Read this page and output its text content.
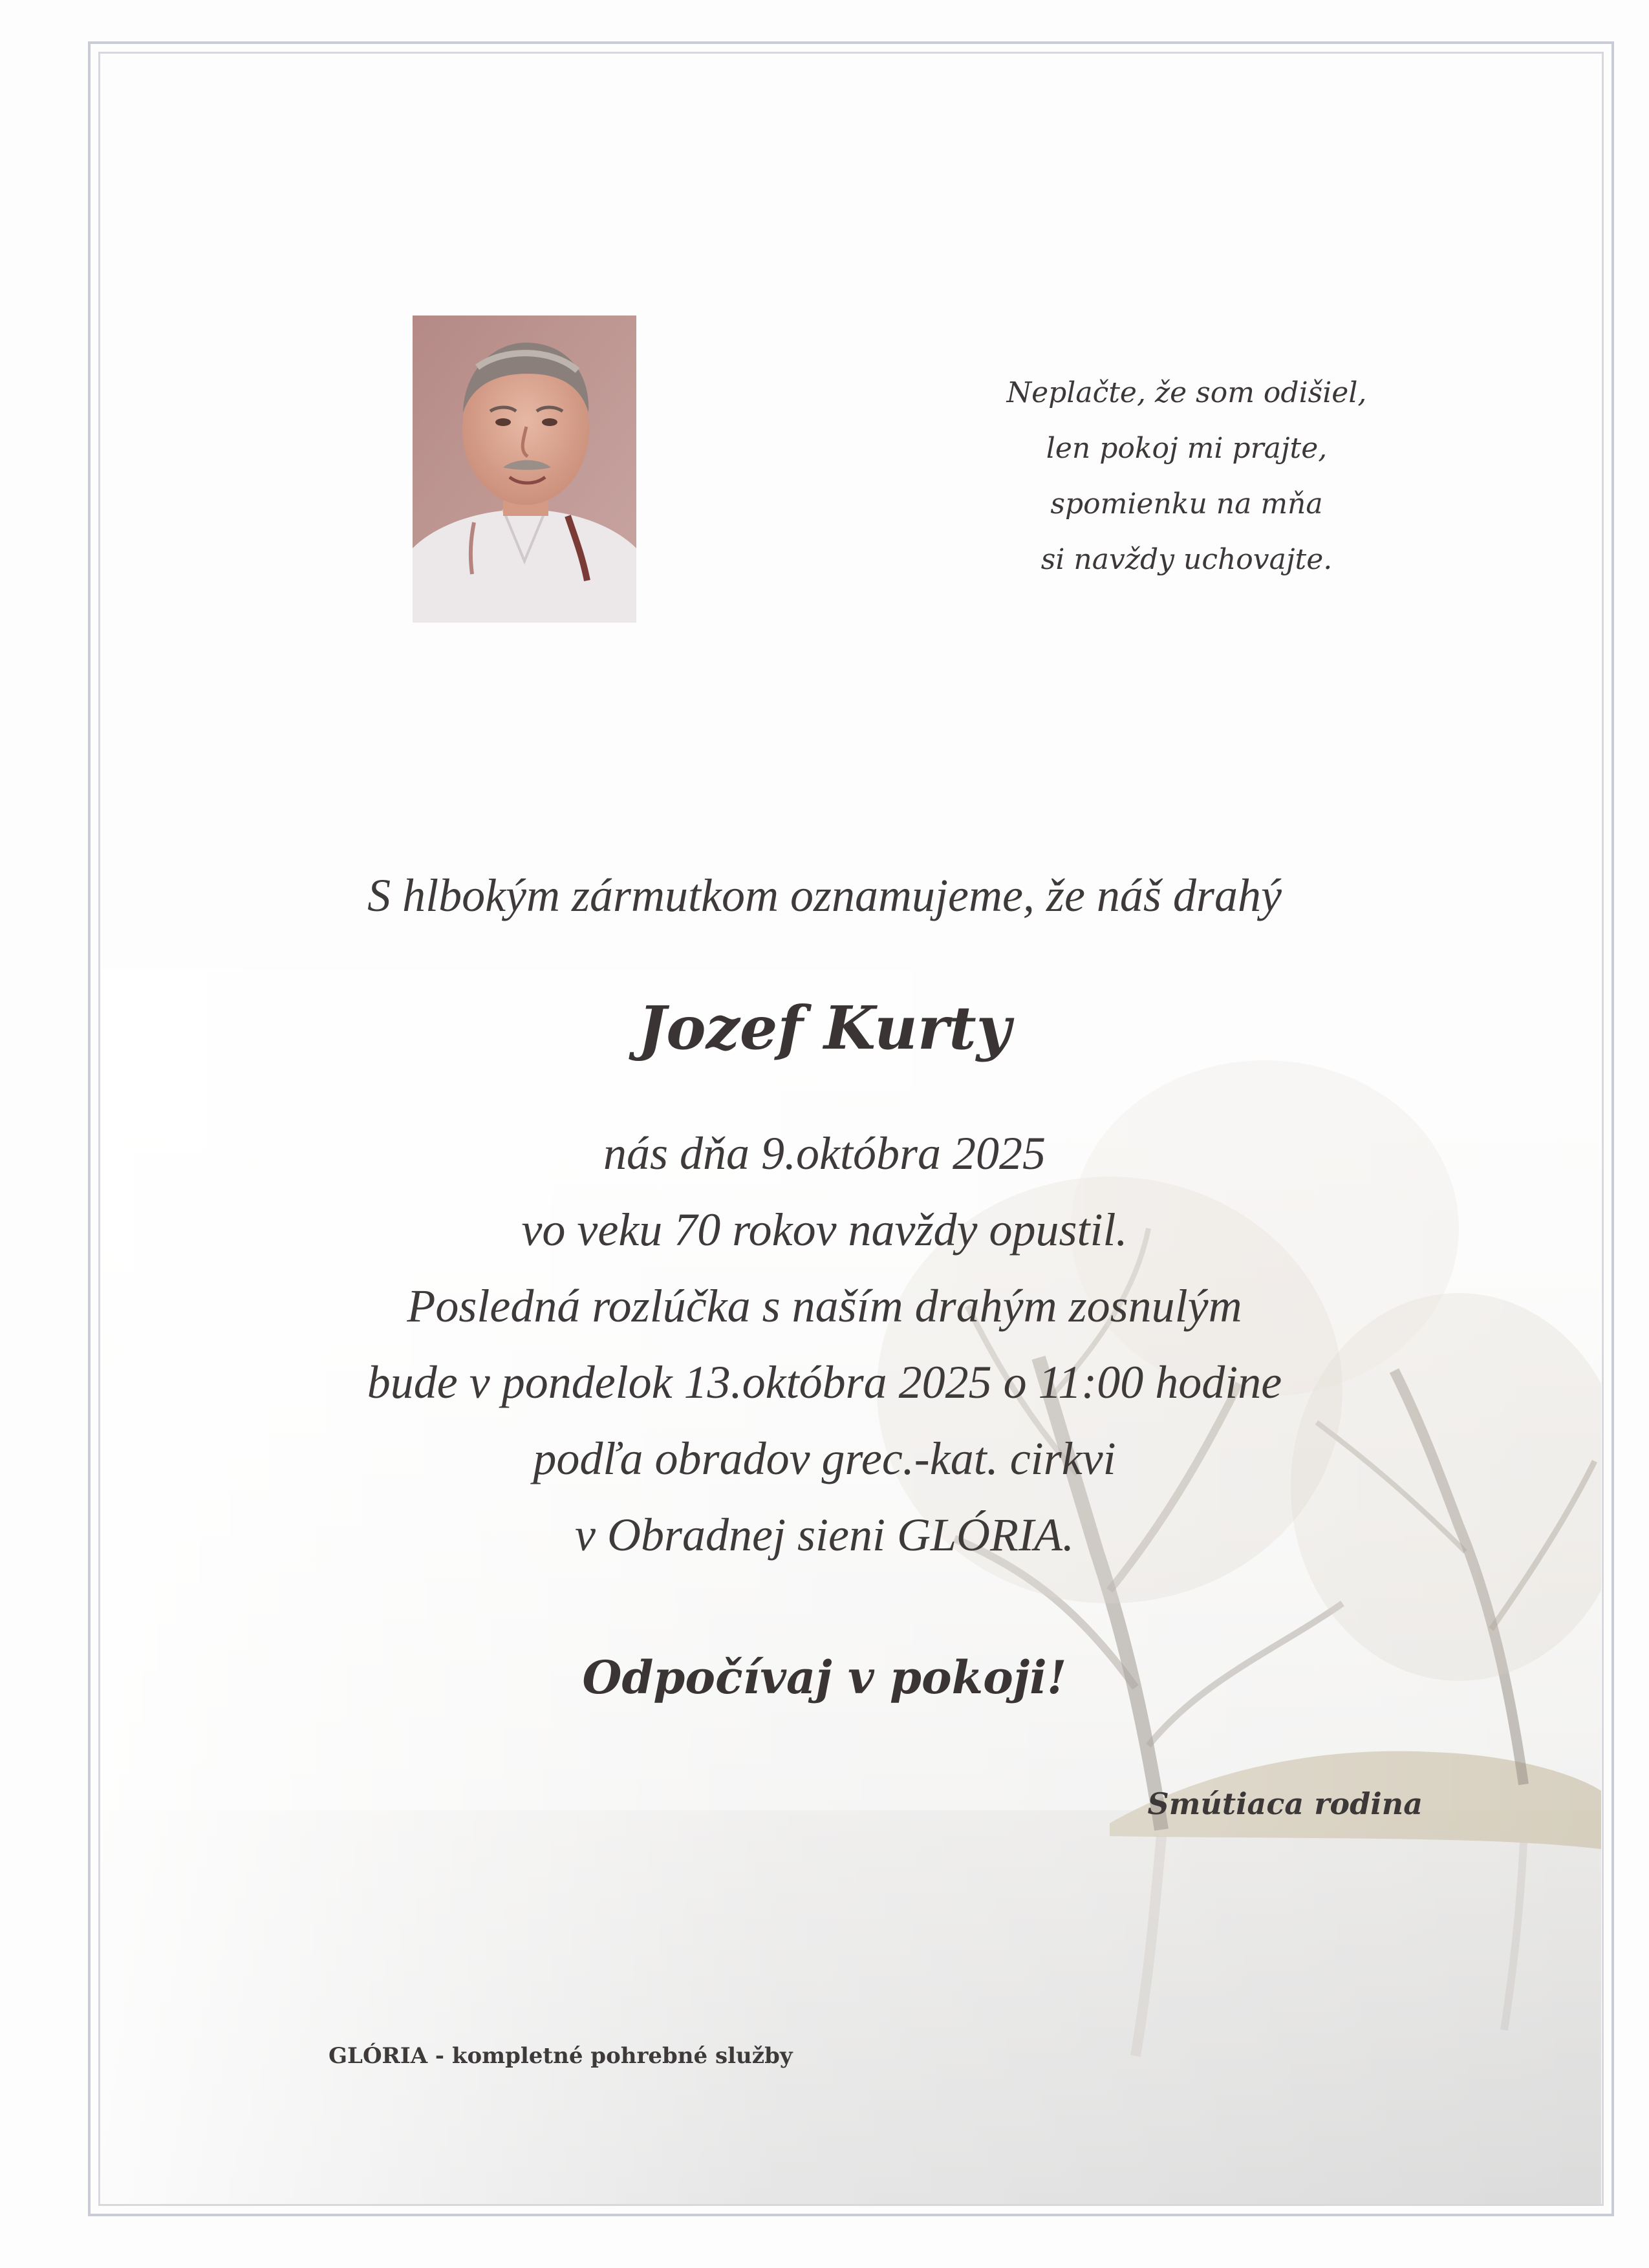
Neplačte, že som odišiel,
len pokoj mi prajte,
spomienku na mňa
si navždy uchovajte.
S hlbokým zármutkom oznamujeme, že náš drahý
Jozef Kurty
nás dňa 9.októbra 2025
vo veku 70 rokov navždy opustil.
Posledná rozlúčka s naším drahým zosnulým
bude v pondelok 13.októbra 2025 o 11:00 hodine
podľa obradov grec.-kat. cirkvi
v Obradnej sieni GLÓRIA.
Odpočívaj v pokoji!
Smútiaca rodina
GLÓRIA - kompletné pohrebné služby
